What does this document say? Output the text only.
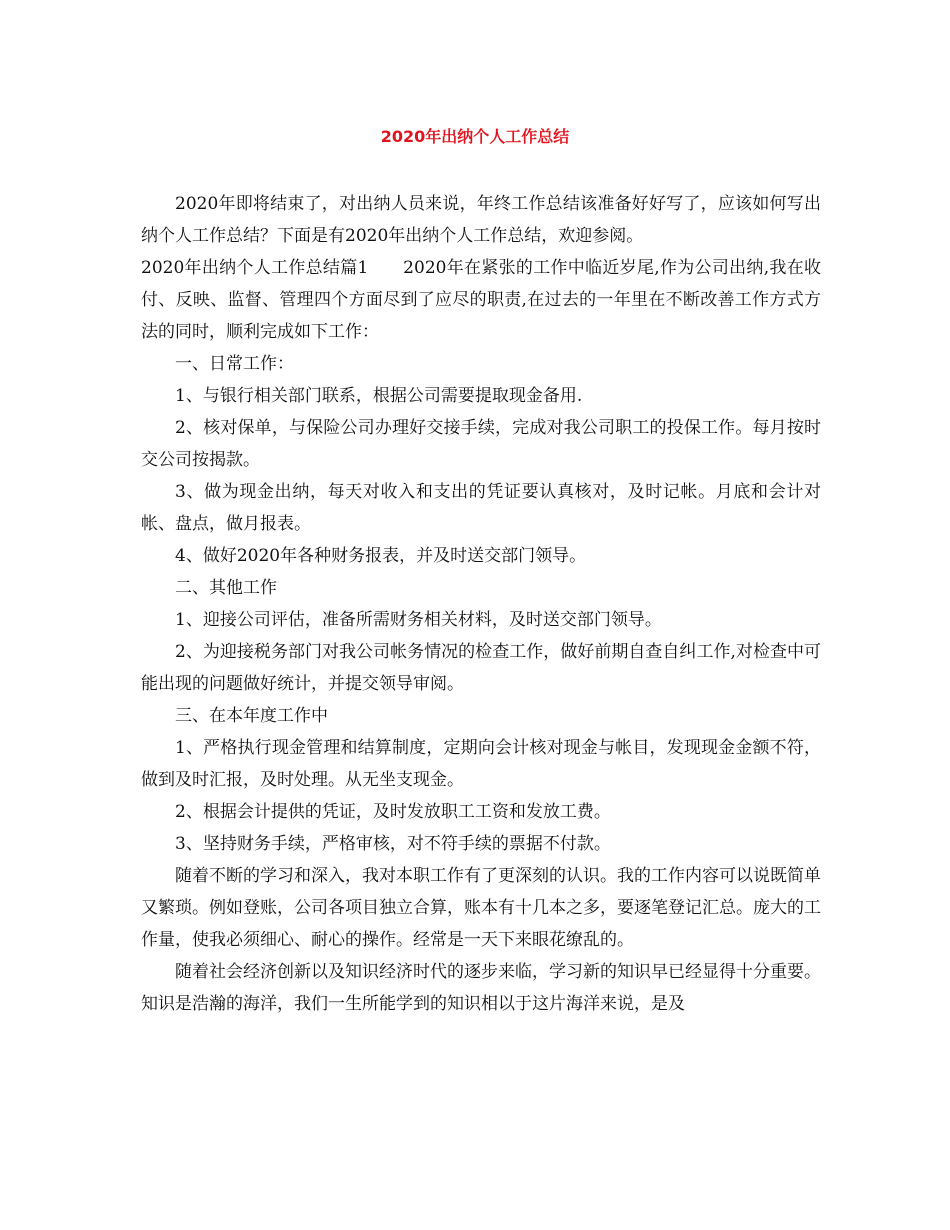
2020年出纳个人工作总结

2020年即将结束了，对出纳人员来说，年终工作总结该准备好好写了，应该如何写出纳个人工作总结？下面是有2020年出纳个人工作总结，欢迎参阅。

2020年出纳个人工作总结篇1　　2020年在紧张的工作中临近岁尾,作为公司出纳,我在收付、反映、监督、管理四个方面尽到了应尽的职责,在过去的一年里在不断改善工作方式方法的同时，顺利完成如下工作：

一、日常工作：

1、与银行相关部门联系，根据公司需要提取现金备用.

2、核对保单，与保险公司办理好交接手续，完成对我公司职工的投保工作。每月按时交公司按揭款。

3、做为现金出纳，每天对收入和支出的凭证要认真核对，及时记帐。月底和会计对帐、盘点，做月报表。

4、做好2020年各种财务报表，并及时送交部门领导。

二、其他工作

1、迎接公司评估，准备所需财务相关材料，及时送交部门领导。

2、为迎接税务部门对我公司帐务情况的检查工作，做好前期自查自纠工作,对检查中可能出现的问题做好统计，并提交领导审阅。

三、在本年度工作中

1、严格执行现金管理和结算制度，定期向会计核对现金与帐目，发现现金金额不符，做到及时汇报，及时处理。从无坐支现金。

2、根据会计提供的凭证，及时发放职工工资和发放工费。

3、坚持财务手续，严格审核，对不符手续的票据不付款。

随着不断的学习和深入，我对本职工作有了更深刻的认识。我的工作内容可以说既简单又繁琐。例如登账，公司各项目独立合算，账本有十几本之多，要逐笔登记汇总。庞大的工作量，使我必须细心、耐心的操作。经常是一天下来眼花缭乱的。

随着社会经济创新以及知识经济时代的逐步来临，学习新的知识早已经显得十分重要。知识是浩瀚的海洋，我们一生所能学到的知识相以于这片海洋来说，是及
